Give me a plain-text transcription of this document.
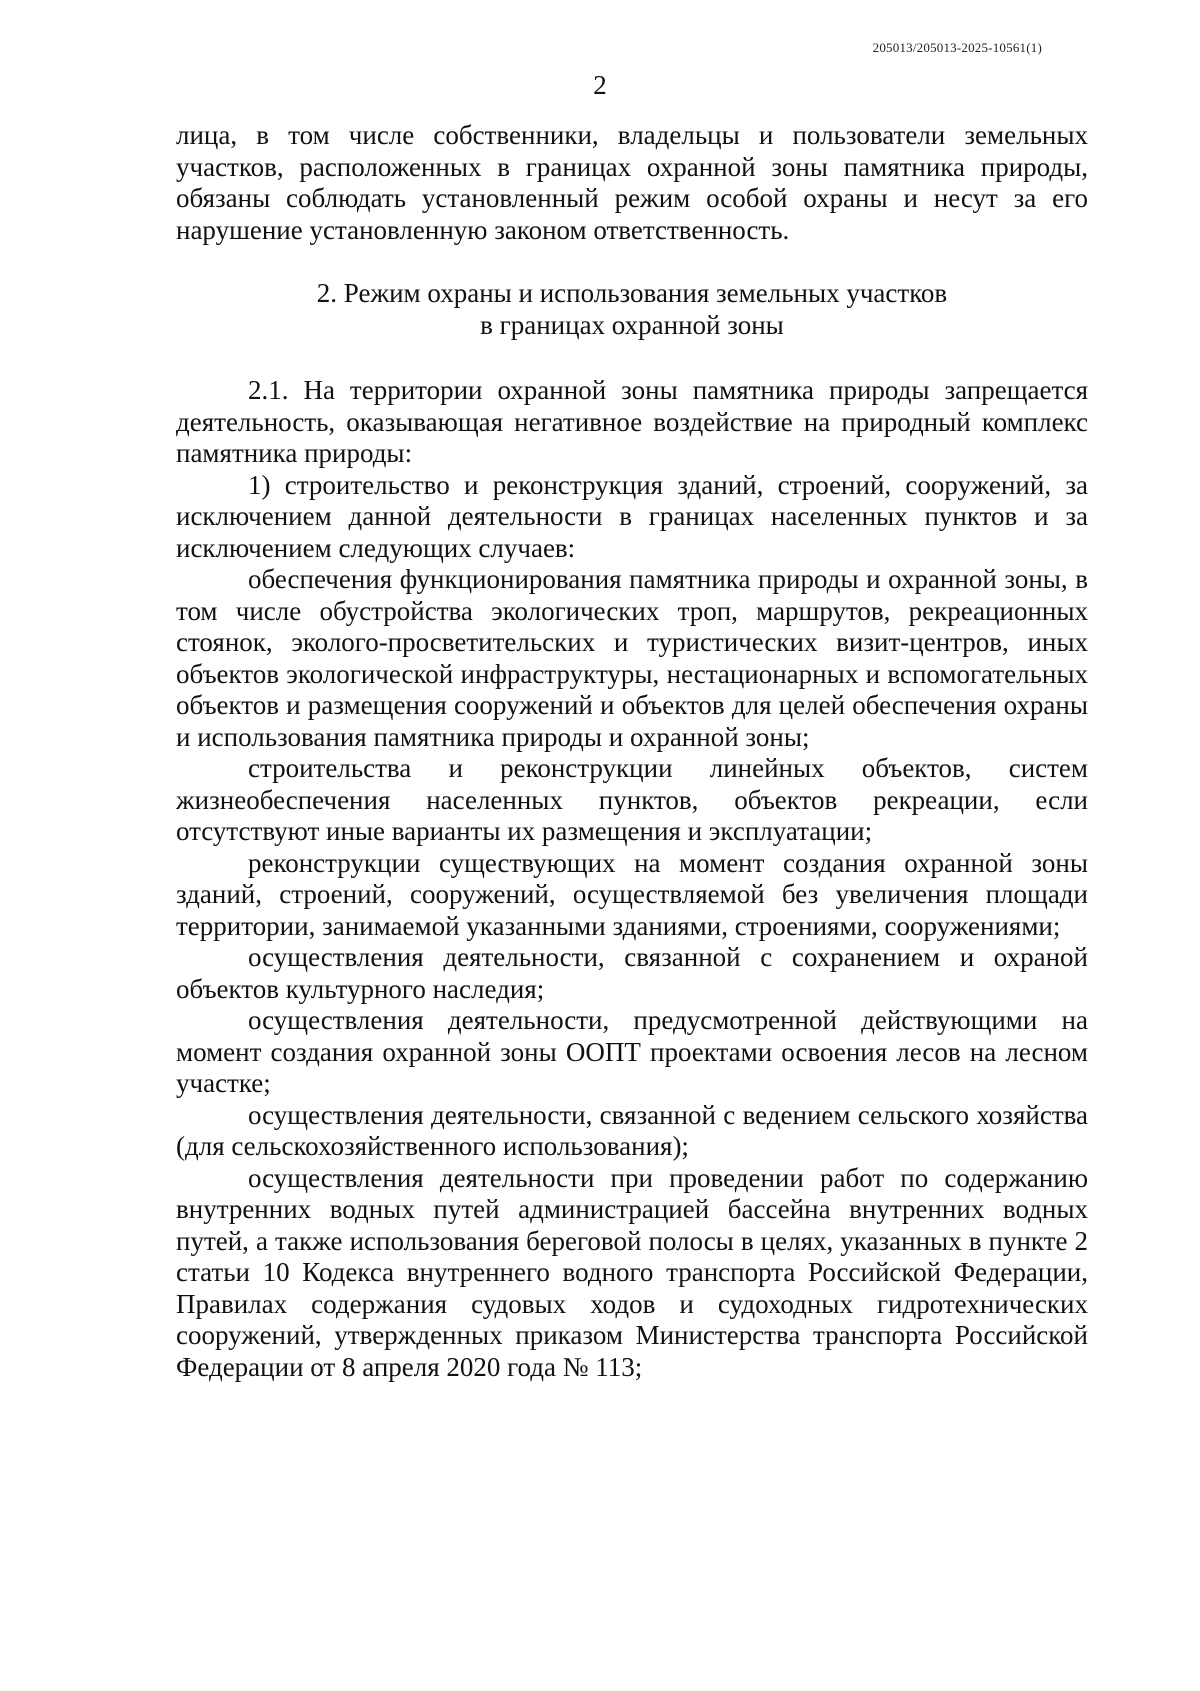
205013/205013-2025-10561(1)
2

лица, в том числе собственники, владельцы и пользователи земельных участков, расположенных в границах охранной зоны памятника природы, обязаны соблюдать установленный режим особой охраны и несут за его нарушение установленную законом ответственность.

2. Режим охраны и использования земельных участков
в границах охранной зоны

2.1. На территории охранной зоны памятника природы запрещается деятельность, оказывающая негативное воздействие на природный комплекс памятника природы:

1) строительство и реконструкция зданий, строений, сооружений, за исключением данной деятельности в границах населенных пунктов и за исключением следующих случаев:

обеспечения функционирования памятника природы и охранной зоны, в том числе обустройства экологических троп, маршрутов, рекреационных стоянок, эколого-просветительских и туристических визит-центров, иных объектов экологической инфраструктуры, нестационарных и вспомогательных объектов и размещения сооружений и объектов для целей обеспечения охраны и использования памятника природы и охранной зоны;

строительства и реконструкции линейных объектов, систем жизнеобеспечения населенных пунктов, объектов рекреации, если отсутствуют иные варианты их размещения и эксплуатации;

реконструкции существующих на момент создания охранной зоны зданий, строений, сооружений, осуществляемой без увеличения площади территории, занимаемой указанными зданиями, строениями, сооружениями;

осуществления деятельности, связанной с сохранением и охраной объектов культурного наследия;

осуществления деятельности, предусмотренной действующими на момент создания охранной зоны ООПТ проектами освоения лесов на лесном участке;

осуществления деятельности, связанной с ведением сельского хозяйства (для сельскохозяйственного использования);

осуществления деятельности при проведении работ по содержанию внутренних водных путей администрацией бассейна внутренних водных путей, а также использования береговой полосы в целях, указанных в пункте 2 статьи 10 Кодекса внутреннего водного транспорта Российской Федерации, Правилах содержания судовых ходов и судоходных гидротехнических сооружений, утвержденных приказом Министерства транспорта Российской Федерации от 8 апреля 2020 года № 113;
